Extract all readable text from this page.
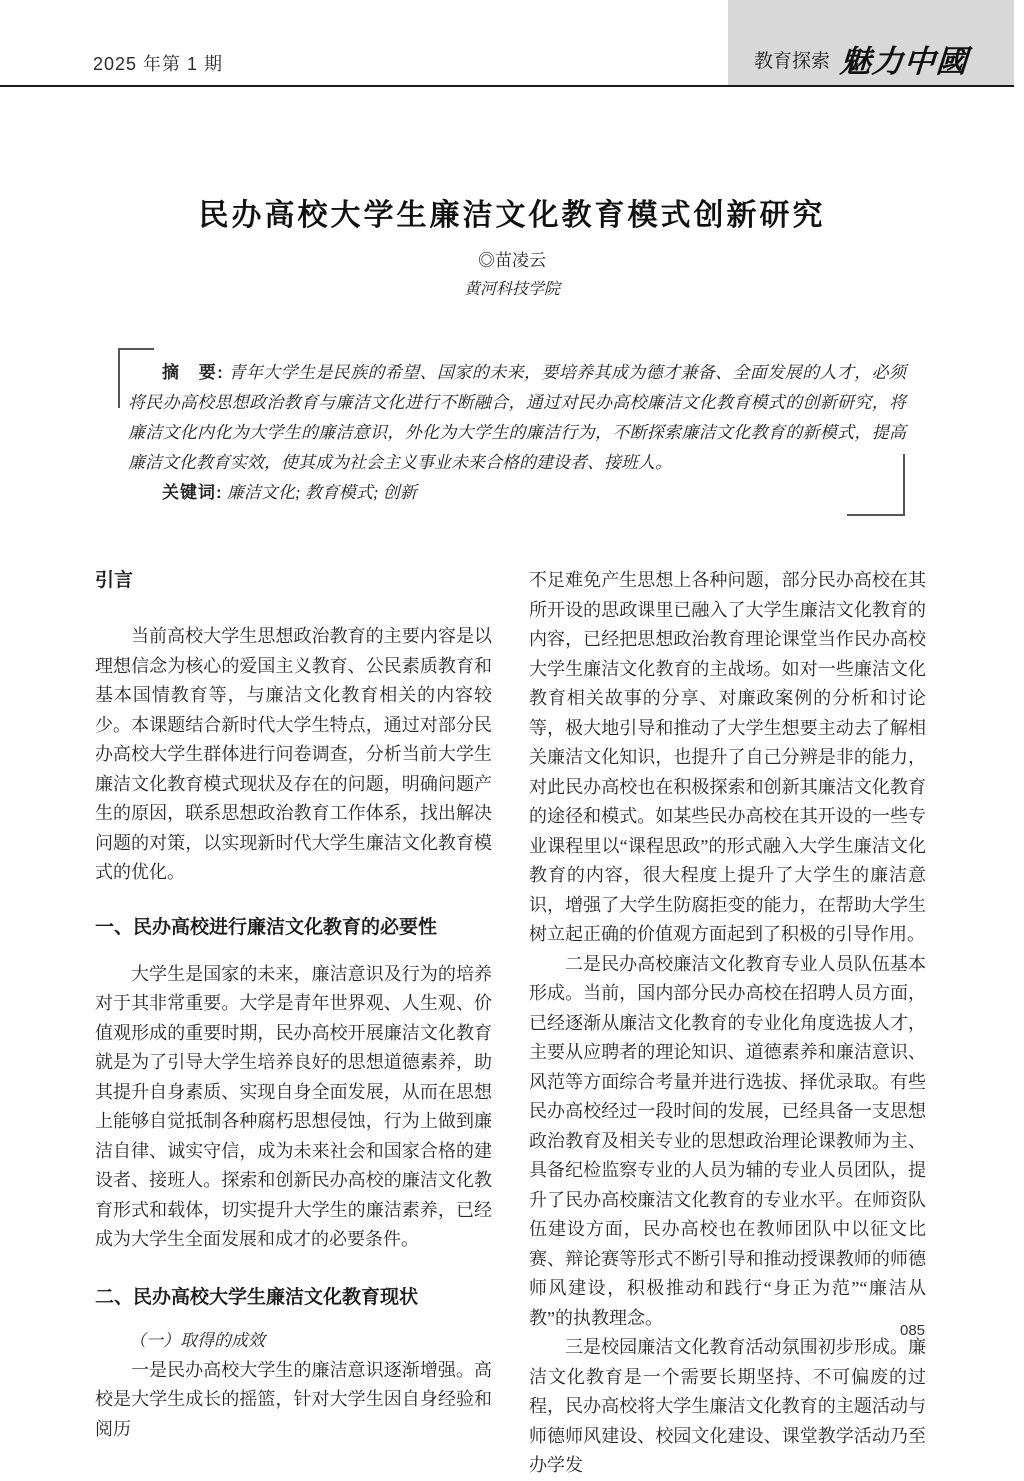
2025 年第 1 期	教育探索 魅力中國
民办高校大学生廉洁文化教育模式创新研究
◎苗凌云
黄河科技学院

摘　要: 青年大学生是民族的希望、国家的未来，要培养其成为德才兼备、全面发展的人才，必须将民办高校思想政治教育与廉洁文化进行不断融合，通过对民办高校廉洁文化教育模式的创新研究，将廉洁文化内化为大学生的廉洁意识，外化为大学生的廉洁行为，不断探索廉洁文化教育的新模式，提高廉洁文化教育实效，使其成为社会主义事业未来合格的建设者、接班人。

关键词: 廉洁文化; 教育模式; 创新

引言

当前高校大学生思想政治教育的主要内容是以理想信念为核心的爱国主义教育、公民素质教育和基本国情教育等，与廉洁文化教育相关的内容较少。本课题结合新时代大学生特点，通过对部分民办高校大学生群体进行问卷调查，分析当前大学生廉洁文化教育模式现状及存在的问题，明确问题产生的原因，联系思想政治教育工作体系，找出解决问题的对策，以实现新时代大学生廉洁文化教育模式的优化。

一、民办高校进行廉洁文化教育的必要性

大学生是国家的未来，廉洁意识及行为的培养对于其非常重要。大学是青年世界观、人生观、价值观形成的重要时期，民办高校开展廉洁文化教育就是为了引导大学生培养良好的思想道德素养，助其提升自身素质、实现自身全面发展，从而在思想上能够自觉抵制各种腐朽思想侵蚀，行为上做到廉洁自律、诚实守信，成为未来社会和国家合格的建设者、接班人。探索和创新民办高校的廉洁文化教育形式和载体，切实提升大学生的廉洁素养，已经成为大学生全面发展和成才的必要条件。

二、民办高校大学生廉洁文化教育现状

（一）取得的成效

一是民办高校大学生的廉洁意识逐渐增强。高校是大学生成长的摇篮，针对大学生因自身经验和阅历

不足难免产生思想上各种问题，部分民办高校在其所开设的思政课里已融入了大学生廉洁文化教育的内容，已经把思想政治教育理论课堂当作民办高校大学生廉洁文化教育的主战场。如对一些廉洁文化教育相关故事的分享、对廉政案例的分析和讨论等，极大地引导和推动了大学生想要主动去了解相关廉洁文化知识，也提升了自己分辨是非的能力，对此民办高校也在积极探索和创新其廉洁文化教育的途径和模式。如某些民办高校在其开设的一些专业课程里以“课程思政”的形式融入大学生廉洁文化教育的内容，很大程度上提升了大学生的廉洁意识，增强了大学生防腐拒变的能力，在帮助大学生树立起正确的价值观方面起到了积极的引导作用。

二是民办高校廉洁文化教育专业人员队伍基本形成。当前，国内部分民办高校在招聘人员方面，已经逐渐从廉洁文化教育的专业化角度选拔人才，主要从应聘者的理论知识、道德素养和廉洁意识、风范等方面综合考量并进行选拔、择优录取。有些民办高校经过一段时间的发展，已经具备一支思想政治教育及相关专业的思想政治理论课教师为主、具备纪检监察专业的人员为辅的专业人员团队，提升了民办高校廉洁文化教育的专业水平。在师资队伍建设方面，民办高校也在教师团队中以征文比赛、辩论赛等形式不断引导和推动授课教师的师德师风建设，积极推动和践行“身正为范”“廉洁从教”的执教理念。

三是校园廉洁文化教育活动氛围初步形成。廉洁文化教育是一个需要长期坚持、不可偏废的过程，民办高校将大学生廉洁文化教育的主题活动与师德师风建设、校园文化建设、课堂教学活动乃至办学发

085
